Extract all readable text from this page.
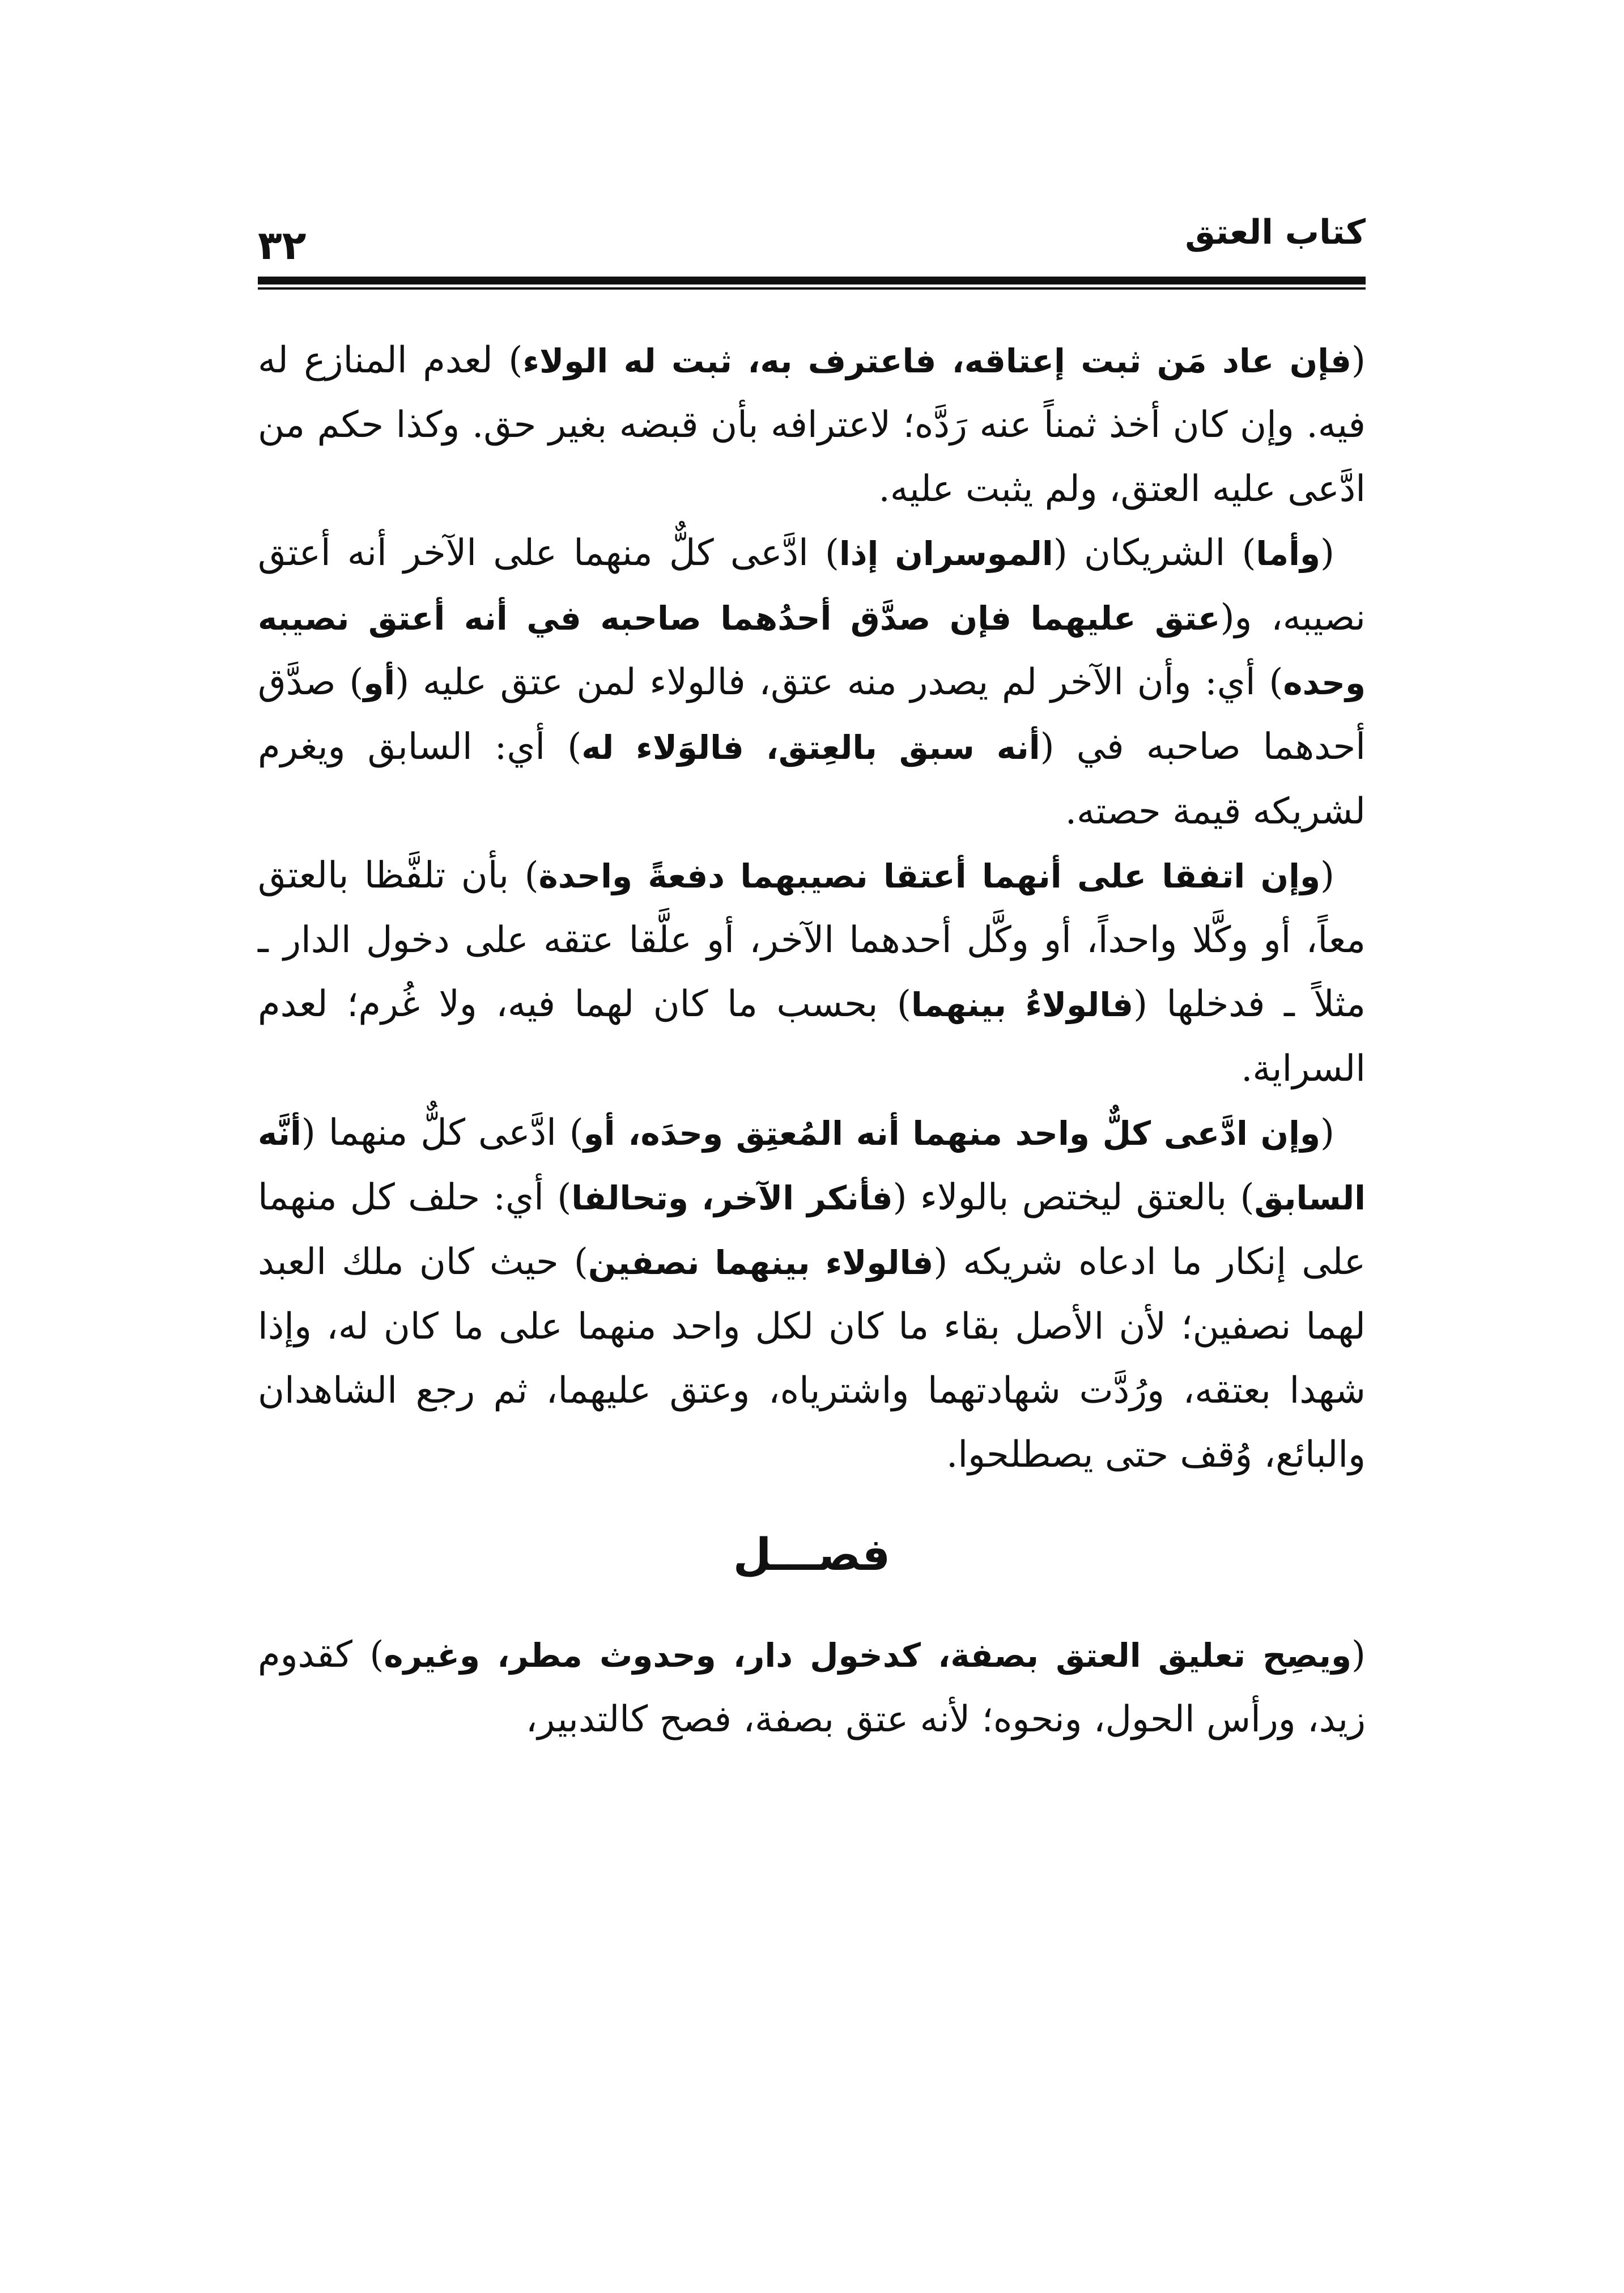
٣٢	كتاب العتق

(فإن عاد مَن ثبت إعتاقه، فاعترف به، ثبت له الولاء) لعدم المنازع له فيه. وإن كان أخذ ثمناً عنه رَدَّه؛ لاعترافه بأن قبضه بغير حق. وكذا حكم من ادَّعى عليه العتق، ولم يثبت عليه.

(وأما) الشريكان (الموسران إذا) ادَّعى كلٌّ منهما على الآخر أنه أعتق نصيبه، و(عتق عليهما فإن صدَّق أحدُهما صاحبه في أنه أعتق نصيبه وحده) أي: وأن الآخر لم يصدر منه عتق، فالولاء لمن عتق عليه (أو) صدَّق أحدهما صاحبه في (أنه سبق بالعِتق، فالوَلاء له) أي: السابق ويغرم لشريكه قيمة حصته.

(وإن اتفقا على أنهما أعتقا نصيبهما دفعةً واحدة) بأن تلفَّظا بالعتق معاً، أو وكَّلا واحداً، أو وكَّل أحدهما الآخر، أو علَّقا عتقه على دخول الدار ـ مثلاً ـ فدخلها (فالولاءُ بينهما) بحسب ما كان لهما فيه، ولا غُرم؛ لعدم السراية.

(وإن ادَّعى كلٌّ واحد منهما أنه المُعتِق وحدَه، أو) ادَّعى كلٌّ منهما (أنَّه السابق) بالعتق ليختص بالولاء (فأنكر الآخر، وتحالفا) أي: حلف كل منهما على إنكار ما ادعاه شريكه (فالولاء بينهما نصفين) حيث كان ملك العبد لهما نصفين؛ لأن الأصل بقاء ما كان لكل واحد منهما على ما كان له، وإذا شهدا بعتقه، ورُدَّت شهادتهما واشترياه، وعتق عليهما، ثم رجع الشاهدان والبائع، وُقف حتى يصطلحوا.

فصـــل

(ويصِح تعليق العتق بصفة، كدخول دار، وحدوث مطر، وغيره) كقدوم زيد، ورأس الحول، ونحوه؛ لأنه عتق بصفة، فصح كالتدبير،
